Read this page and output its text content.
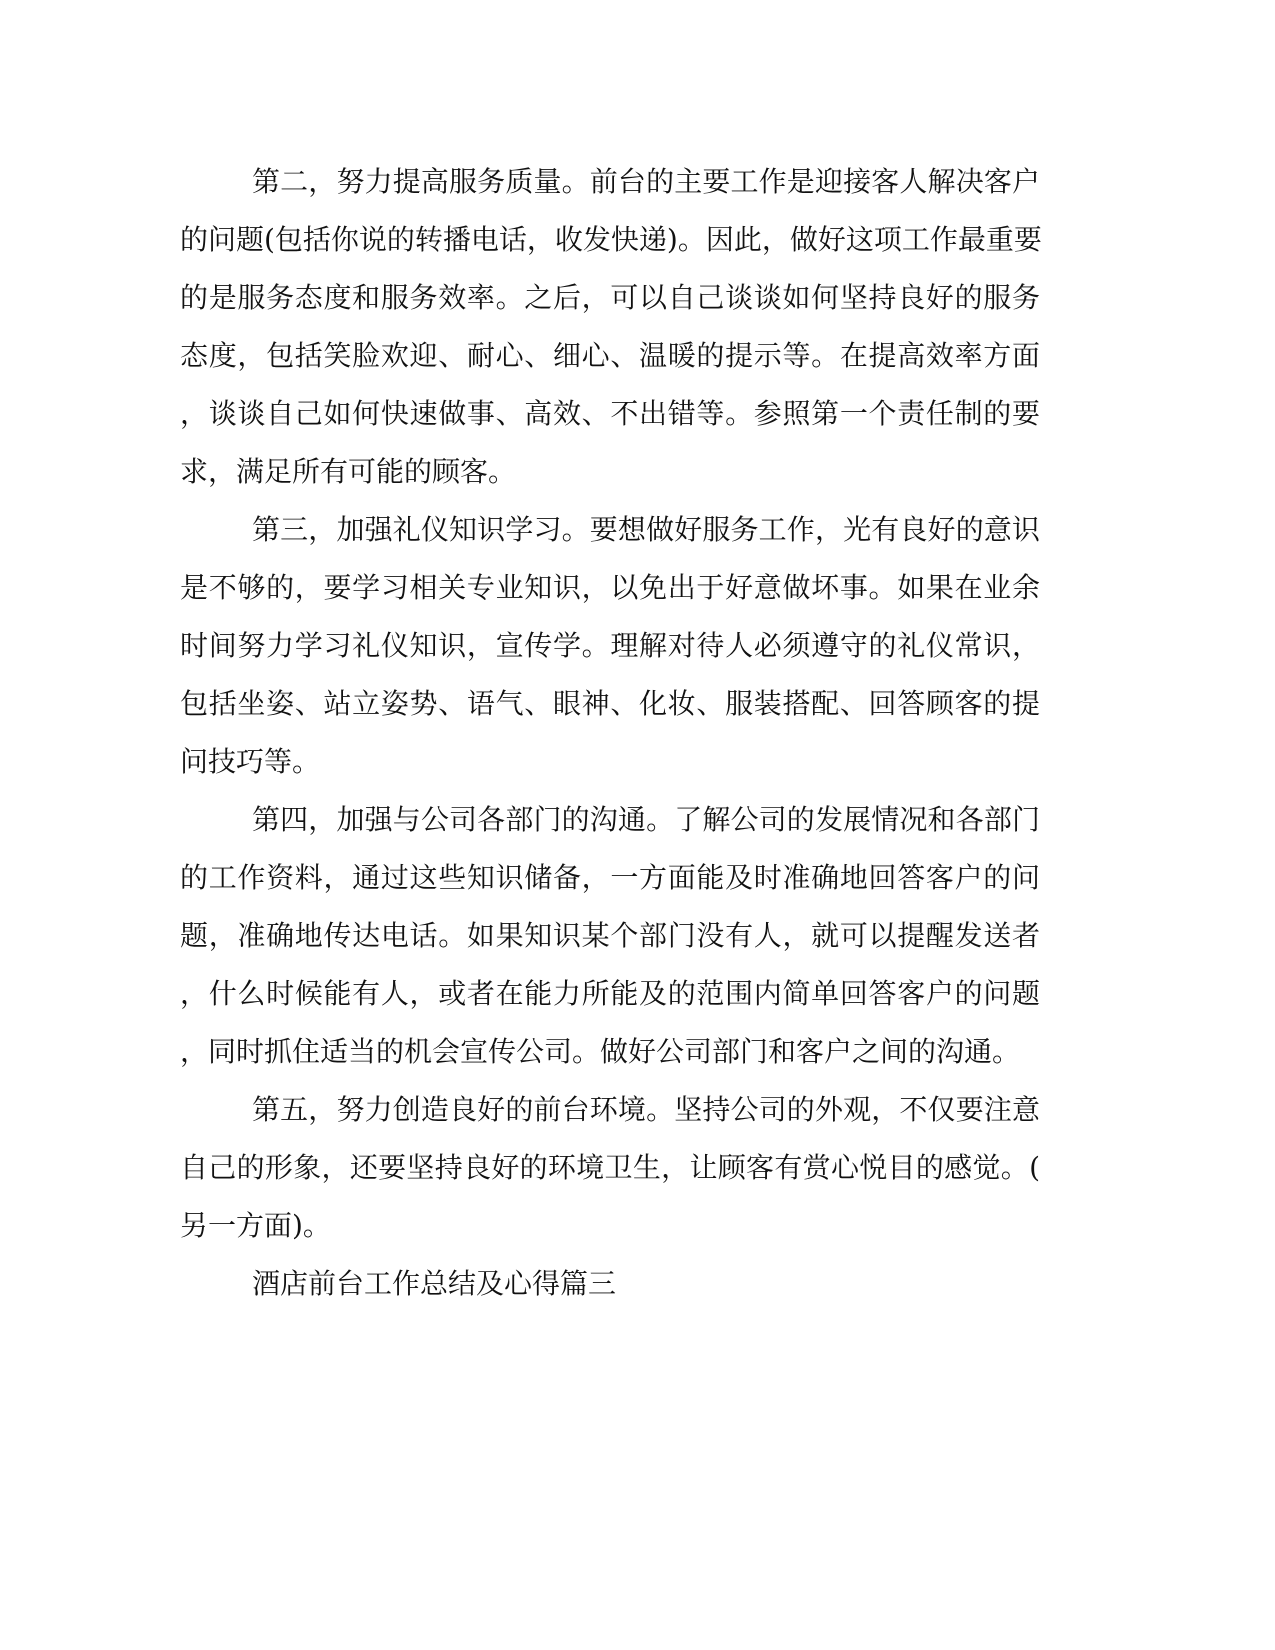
第二，努力提高服务质量。前台的主要工作是迎接客人解决客户
的问题(包括你说的转播电话，收发快递)。因此，做好这项工作最重要
的是服务态度和服务效率。之后，可以自己谈谈如何坚持良好的服务
态度，包括笑脸欢迎、耐心、细心、温暖的提示等。在提高效率方面
，谈谈自己如何快速做事、高效、不出错等。参照第一个责任制的要
求，满足所有可能的顾客。
第三，加强礼仪知识学习。要想做好服务工作，光有良好的意识
是不够的，要学习相关专业知识，以免出于好意做坏事。如果在业余
时间努力学习礼仪知识，宣传学。理解对待人必须遵守的礼仪常识，
包括坐姿、站立姿势、语气、眼神、化妆、服装搭配、回答顾客的提
问技巧等。
第四，加强与公司各部门的沟通。了解公司的发展情况和各部门
的工作资料，通过这些知识储备，一方面能及时准确地回答客户的问
题，准确地传达电话。如果知识某个部门没有人，就可以提醒发送者
，什么时候能有人，或者在能力所能及的范围内简单回答客户的问题
，同时抓住适当的机会宣传公司。做好公司部门和客户之间的沟通。
第五，努力创造良好的前台环境。坚持公司的外观，不仅要注意
自己的形象，还要坚持良好的环境卫生，让顾客有赏心悦目的感觉。(
另一方面)。
酒店前台工作总结及心得篇三
